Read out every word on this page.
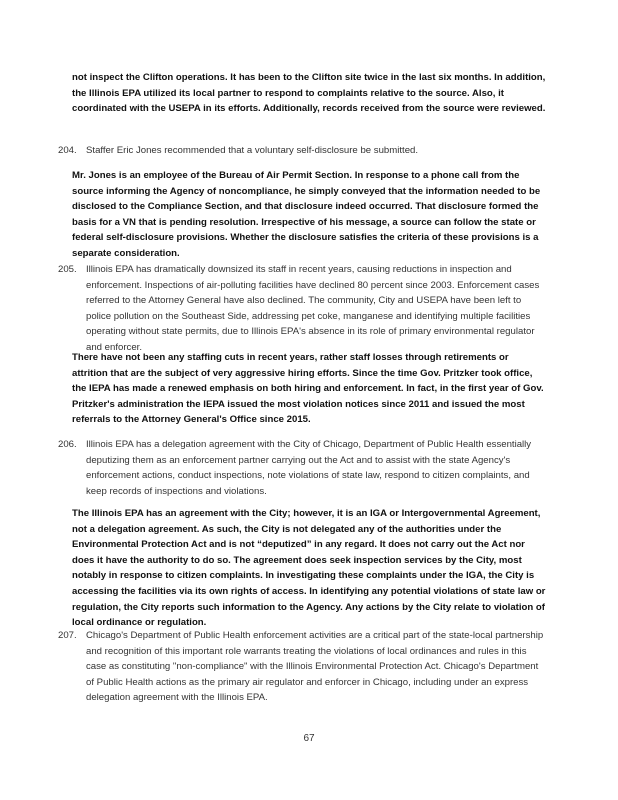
not inspect the Clifton operations. It has been to the Clifton site twice in the last six months. In addition, the Illinois EPA utilized its local partner to respond to complaints relative to the source. Also, it coordinated with the USEPA in its efforts. Additionally, records received from the source were reviewed.
204. Staffer Eric Jones recommended that a voluntary self-disclosure be submitted.
Mr. Jones is an employee of the Bureau of Air Permit Section. In response to a phone call from the source informing the Agency of noncompliance, he simply conveyed that the information needed to be disclosed to the Compliance Section, and that disclosure indeed occurred. That disclosure formed the basis for a VN that is pending resolution. Irrespective of his message, a source can follow the state or federal self-disclosure provisions. Whether the disclosure satisfies the criteria of these provisions is a separate consideration.
205. Illinois EPA has dramatically downsized its staff in recent years, causing reductions in inspection and enforcement. Inspections of air-polluting facilities have declined 80 percent since 2003. Enforcement cases referred to the Attorney General have also declined. The community, City and USEPA have been left to police pollution on the Southeast Side, addressing pet coke, manganese and identifying multiple facilities operating without state permits, due to Illinois EPA's absence in its role of primary environmental regulator and enforcer.
There have not been any staffing cuts in recent years, rather staff losses through retirements or attrition that are the subject of very aggressive hiring efforts. Since the time Gov. Pritzker took office, the IEPA has made a renewed emphasis on both hiring and enforcement. In fact, in the first year of Gov. Pritzker's administration the IEPA issued the most violation notices since 2011 and issued the most referrals to the Attorney General's Office since 2015.
206. Illinois EPA has a delegation agreement with the City of Chicago, Department of Public Health essentially deputizing them as an enforcement partner carrying out the Act and to assist with the state Agency's enforcement actions, conduct inspections, note violations of state law, respond to citizen complaints, and keep records of inspections and violations.
The Illinois EPA has an agreement with the City; however, it is an IGA or Intergovernmental Agreement, not a delegation agreement. As such, the City is not delegated any of the authorities under the Environmental Protection Act and is not “deputized” in any regard. It does not carry out the Act nor does it have the authority to do so. The agreement does seek inspection services by the City, most notably in response to citizen complaints. In investigating these complaints under the IGA, the City is accessing the facilities via its own rights of access. In identifying any potential violations of state law or regulation, the City reports such information to the Agency. Any actions by the City relate to violation of local ordinance or regulation.
207. Chicago's Department of Public Health enforcement activities are a critical part of the state-local partnership and recognition of this important role warrants treating the violations of local ordinances and rules in this case as constituting "non-compliance" with the Illinois Environmental Protection Act. Chicago's Department of Public Health actions as the primary air regulator and enforcer in Chicago, including under an express delegation agreement with the Illinois EPA.
67
